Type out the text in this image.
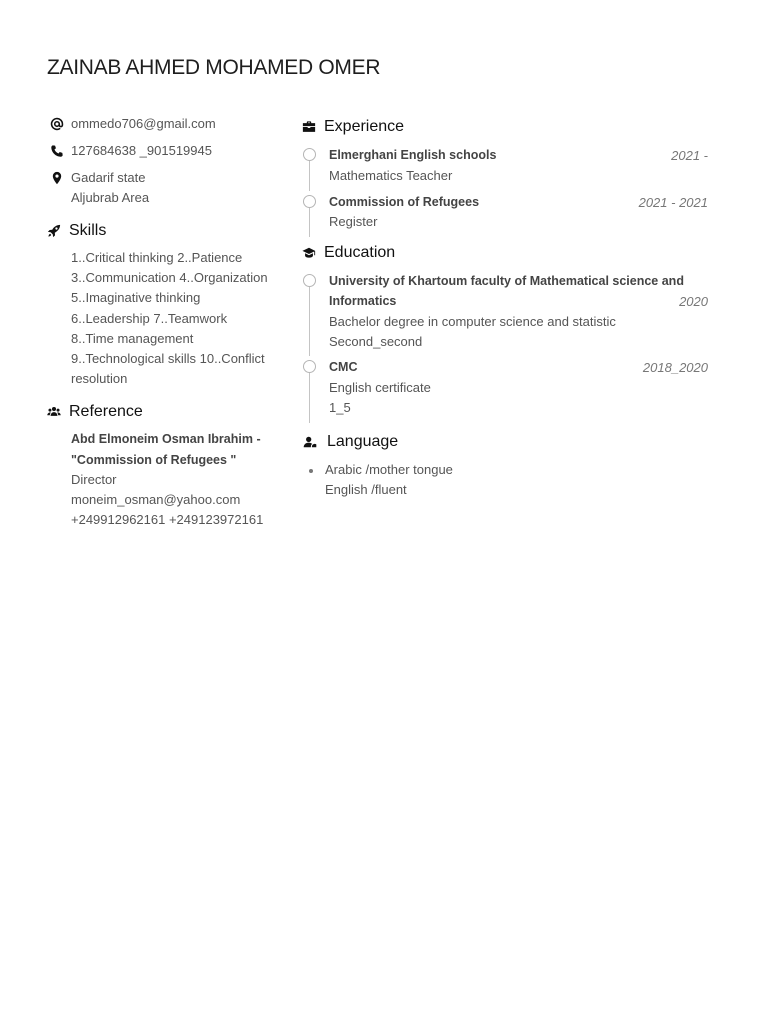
ZAINAB AHMED MOHAMED OMER
ommedo706@gmail.com
127684638 _901519945
Gadarif state
Aljubrab Area
Skills
1..Critical thinking 2..Patience
3..Communication 4..Organization
5..Imaginative thinking
6..Leadership 7..Teamwork
8..Time management
9..Technological skills 10..Conflict resolution
Reference
Abd Elmoneim Osman Ibrahim - "Commission of Refugees "
Director
moneim_osman@yahoo.com
+249912962161 +249123972161
Experience
Elmerghani English schools	2021 -
Mathematics Teacher
Commission of Refugees	2021 - 2021
Register
Education
University of Khartoum faculty of Mathematical science and Informatics	2020
Bachelor degree in computer science and statistic
Second_second
CMC	2018_2020
English certificate
1_5
Language
Arabic /mother tongue
English /fluent
